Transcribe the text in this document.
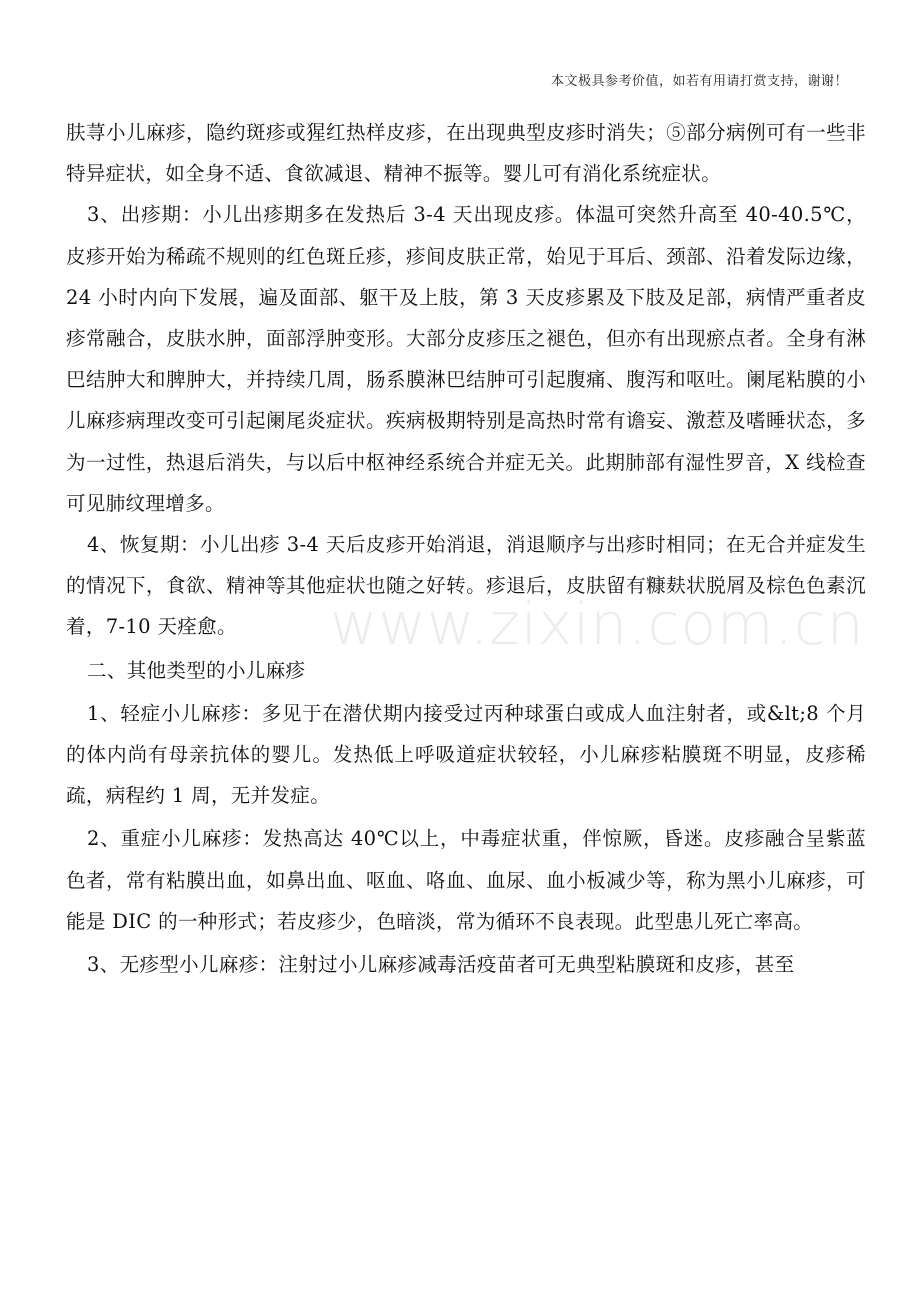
本文极具参考价值，如若有用请打赏支持，谢谢！
www.zixin.com.cn

肤荨小儿麻疹，隐约斑疹或猩红热样皮疹，在出现典型皮疹时消失；⑤部分病例可有一些非特异症状，如全身不适、食欲减退、精神不振等。婴儿可有消化系统症状。

3、出疹期：小儿出疹期多在发热后 3-4 天出现皮疹。体温可突然升高至 40-40.5℃，皮疹开始为稀疏不规则的红色斑丘疹，疹间皮肤正常，始见于耳后、颈部、沿着发际边缘，24 小时内向下发展，遍及面部、躯干及上肢，第 3 天皮疹累及下肢及足部，病情严重者皮疹常融合，皮肤水肿，面部浮肿变形。大部分皮疹压之褪色，但亦有出现瘀点者。全身有淋巴结肿大和脾肿大，并持续几周，肠系膜淋巴结肿可引起腹痛、腹泻和呕吐。阑尾粘膜的小儿麻疹病理改变可引起阑尾炎症状。疾病极期特别是高热时常有谵妄、激惹及嗜睡状态，多为一过性，热退后消失，与以后中枢神经系统合并症无关。此期肺部有湿性罗音，X 线检查可见肺纹理增多。

4、恢复期：小儿出疹 3-4 天后皮疹开始消退，消退顺序与出疹时相同；在无合并症发生的情况下，食欲、精神等其他症状也随之好转。疹退后，皮肤留有糠麸状脱屑及棕色色素沉着，7-10 天痊愈。

二、其他类型的小儿麻疹

1、轻症小儿麻疹：多见于在潜伏期内接受过丙种球蛋白或成人血注射者，或&lt;8 个月的体内尚有母亲抗体的婴儿。发热低上呼吸道症状较轻，小儿麻疹粘膜斑不明显，皮疹稀疏，病程约 1 周，无并发症。

2、重症小儿麻疹：发热高达 40℃以上，中毒症状重，伴惊厥，昏迷。皮疹融合呈紫蓝色者，常有粘膜出血，如鼻出血、呕血、咯血、血尿、血小板减少等，称为黑小儿麻疹，可能是 DIC 的一种形式；若皮疹少，色暗淡，常为循环不良表现。此型患儿死亡率高。

3、无疹型小儿麻疹：注射过小儿麻疹减毒活疫苗者可无典型粘膜斑和皮疹，甚至
